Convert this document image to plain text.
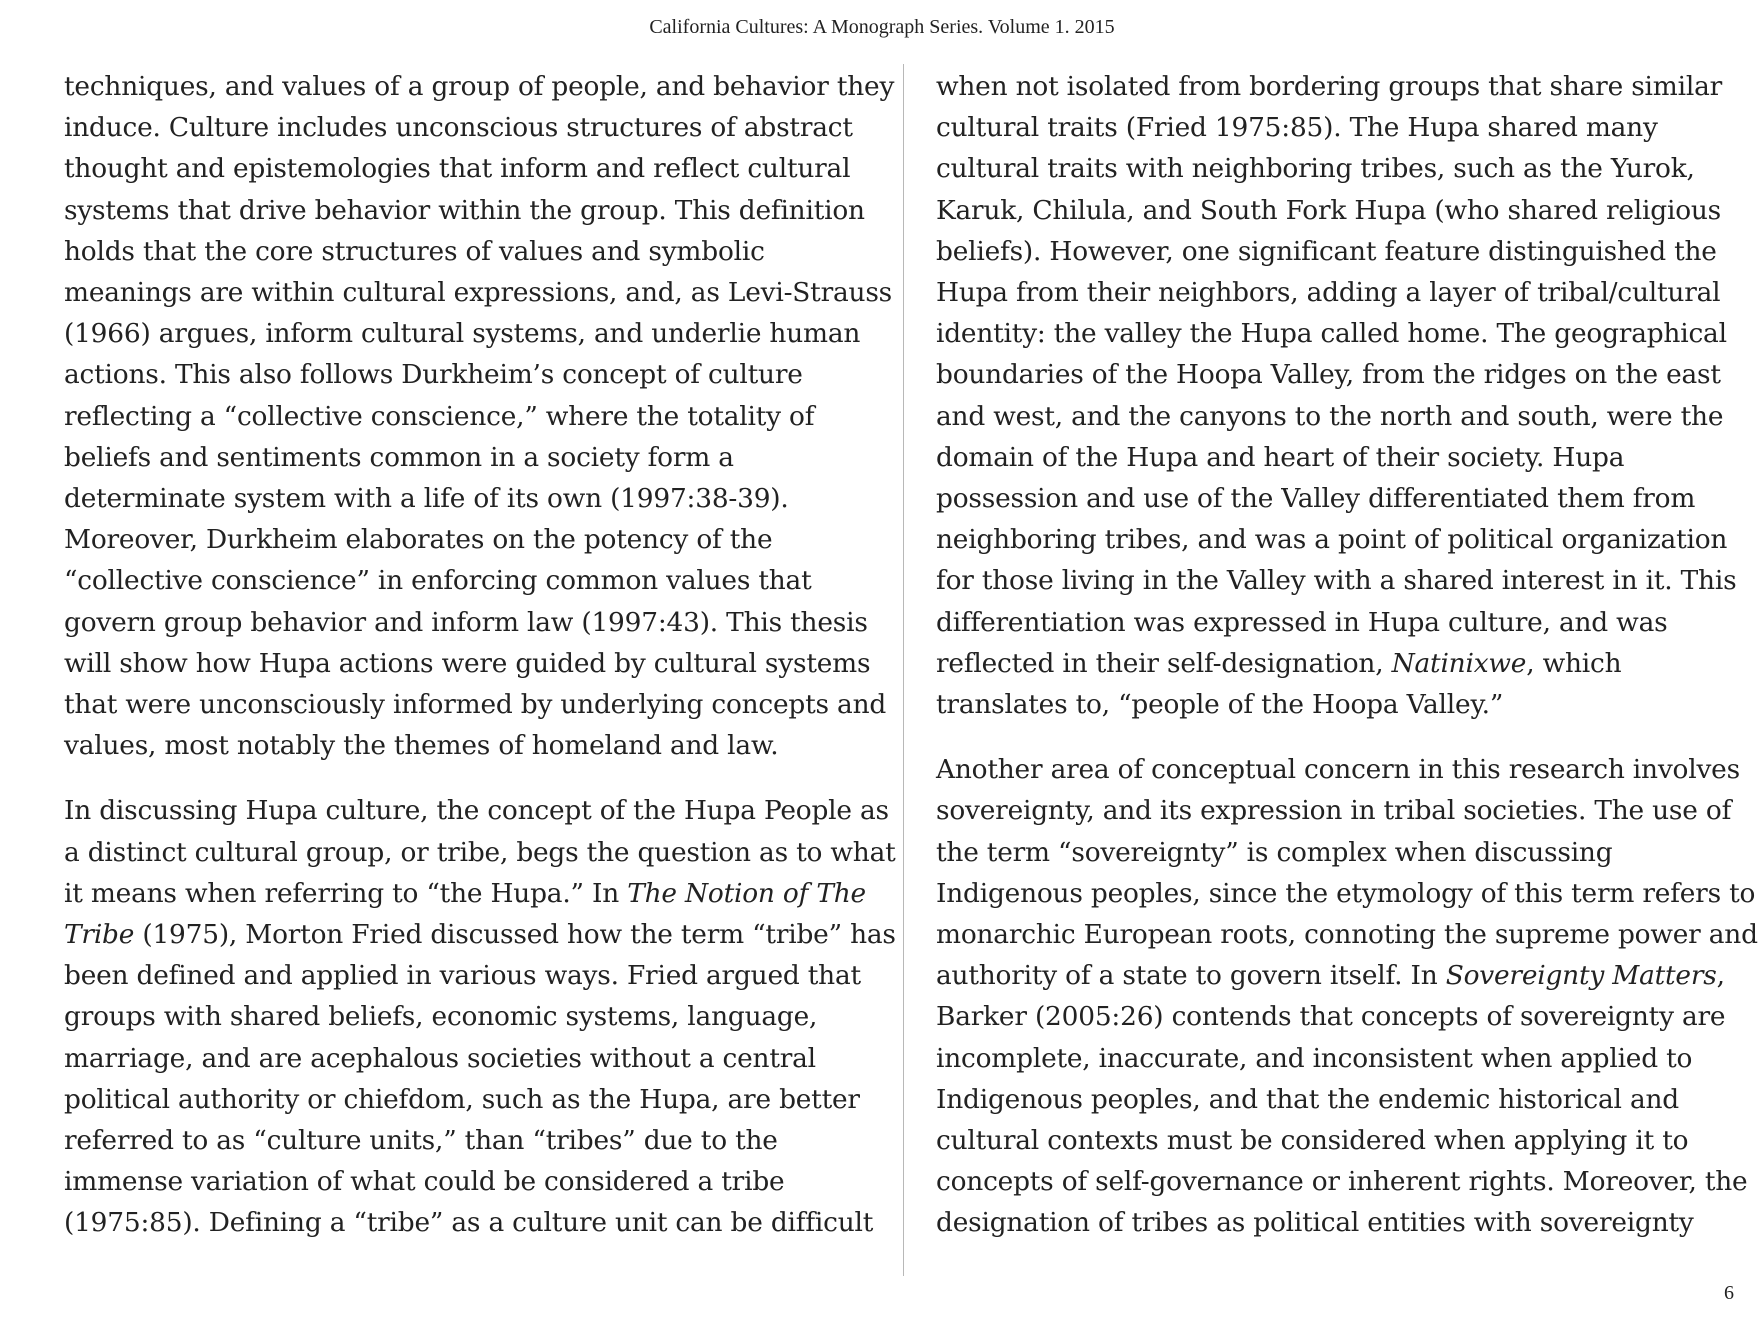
California Cultures: A Monograph Series. Volume 1. 2015

techniques, and values of a group of people, and behavior they

induce. Culture includes unconscious structures of abstract

thought and epistemologies that inform and reflect cultural

systems that drive behavior within the group. This definition

holds that the core structures of values and symbolic

meanings are within cultural expressions, and, as Levi-Strauss

(1966) argues, inform cultural systems, and underlie human

actions. This also follows Durkheim’s concept of culture

reflecting a “collective conscience,” where the totality of

beliefs and sentiments common in a society form a

determinate system with a life of its own (1997:38-39).

Moreover, Durkheim elaborates on the potency of the

“collective conscience” in enforcing common values that

govern group behavior and inform law (1997:43). This thesis

will show how Hupa actions were guided by cultural systems

that were unconsciously informed by underlying concepts and

values, most notably the themes of homeland and law.

In discussing Hupa culture, the concept of the Hupa People as

a distinct cultural group, or tribe, begs the question as to what

it means when referring to “the Hupa.” In The Notion of The

Tribe (1975), Morton Fried discussed how the term “tribe” has

been defined and applied in various ways. Fried argued that

groups with shared beliefs, economic systems, language,

marriage, and are acephalous societies without a central

political authority or chiefdom, such as the Hupa, are better

referred to as “culture units,” than “tribes” due to the

immense variation of what could be considered a tribe

(1975:85). Defining a “tribe” as a culture unit can be difficult

when not isolated from bordering groups that share similar

cultural traits (Fried 1975:85). The Hupa shared many

cultural traits with neighboring tribes, such as the Yurok,

Karuk, Chilula, and South Fork Hupa (who shared religious

beliefs). However, one significant feature distinguished the

Hupa from their neighbors, adding a layer of tribal/cultural

identity: the valley the Hupa called home. The geographical

boundaries of the Hoopa Valley, from the ridges on the east

and west, and the canyons to the north and south, were the

domain of the Hupa and heart of their society. Hupa

possession and use of the Valley differentiated them from

neighboring tribes, and was a point of political organization

for those living in the Valley with a shared interest in it. This

differentiation was expressed in Hupa culture, and was

reflected in their self-designation, Natinixwe, which

translates to, “people of the Hoopa Valley.”

Another area of conceptual concern in this research involves

sovereignty, and its expression in tribal societies. The use of

the term “sovereignty” is complex when discussing

Indigenous peoples, since the etymology of this term refers to

monarchic European roots, connoting the supreme power and

authority of a state to govern itself. In Sovereignty Matters,

Barker (2005:26) contends that concepts of sovereignty are

incomplete, inaccurate, and inconsistent when applied to

Indigenous peoples, and that the endemic historical and

cultural contexts must be considered when applying it to

concepts of self-governance or inherent rights. Moreover, the

designation of tribes as political entities with sovereignty

6
